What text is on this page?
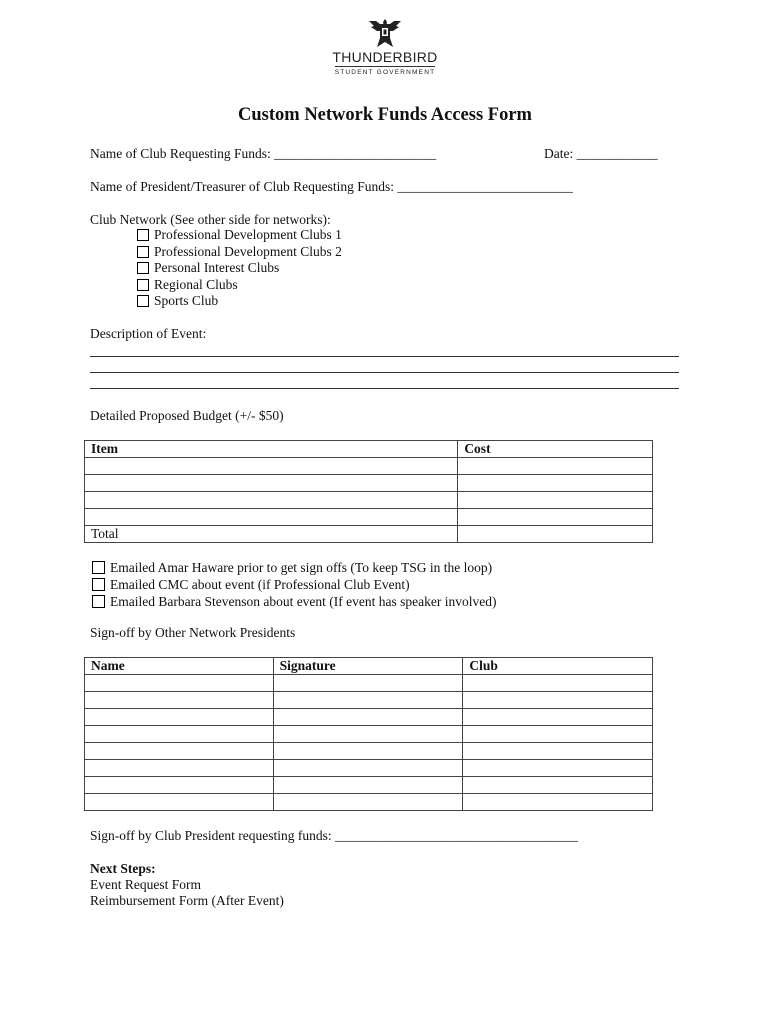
THUNDERBIRD
STUDENT GOVERNMENT
Custom Network Funds Access Form
Name of Club Requesting Funds: ________________________	Date: ____________
Name of President/Treasurer of Club Requesting Funds: __________________________
Club Network (See other side for networks):
Professional Development Clubs 1
Professional Development Clubs 2
Personal Interest Clubs
Regional Clubs
Sports Club
Description of Event:
Detailed Proposed Budget (+/- $50)
Item	Cost

Total	
Emailed Amar Haware prior to get sign offs (To keep TSG in the loop)
Emailed CMC about event (if Professional Club Event)
Emailed Barbara Stevenson about event (If event has speaker involved)
Sign-off by Other Network Presidents
Name	Signature	Club

Sign-off by Club President requesting funds: ____________________________________
Next Steps:
Event Request Form
Reimbursement Form (After Event)
